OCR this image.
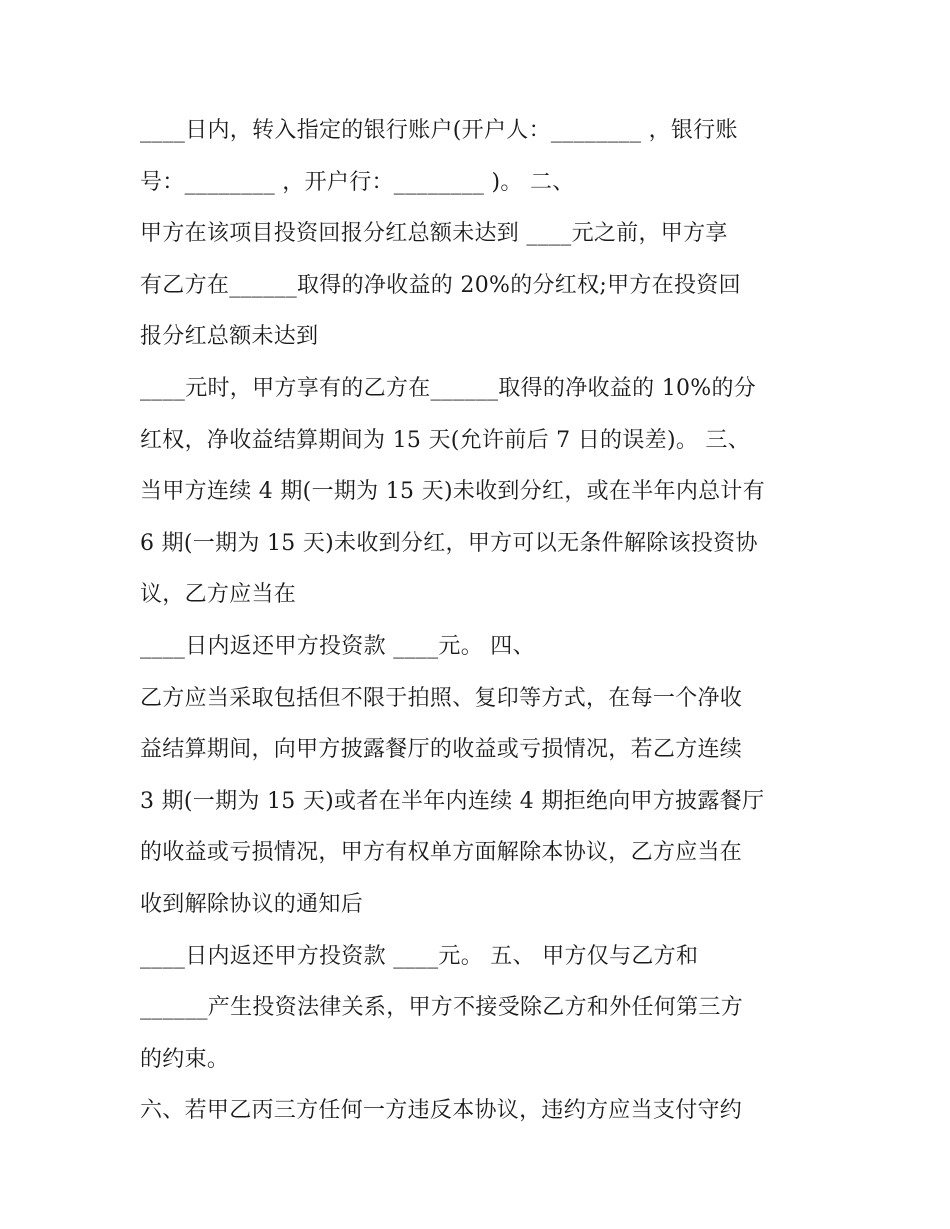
____日内，转入指定的银行账户(开户人：________ ，银行账
号：________ ，开户行：________ )。 二、
甲方在该项目投资回报分红总额未达到 ____元之前，甲方享
有乙方在______取得的净收益的 20%的分红权;甲方在投资回
报分红总额未达到
____元时，甲方享有的乙方在______取得的净收益的 10%的分
红权，净收益结算期间为 15 天(允许前后 7 日的误差)。 三、
当甲方连续 4 期(一期为 15 天)未收到分红，或在半年内总计有
6 期(一期为 15 天)未收到分红，甲方可以无条件解除该投资协
议，乙方应当在
____日内返还甲方投资款 ____元。 四、
乙方应当采取包括但不限于拍照、复印等方式，在每一个净收
益结算期间，向甲方披露餐厅的收益或亏损情况，若乙方连续
3 期(一期为 15 天)或者在半年内连续 4 期拒绝向甲方披露餐厅
的收益或亏损情况，甲方有权单方面解除本协议，乙方应当在
收到解除协议的通知后
____日内返还甲方投资款 ____元。 五、 甲方仅与乙方和
______产生投资法律关系，甲方不接受除乙方和外任何第三方
的约束。
六、若甲乙丙三方任何一方违反本协议，违约方应当支付守约
